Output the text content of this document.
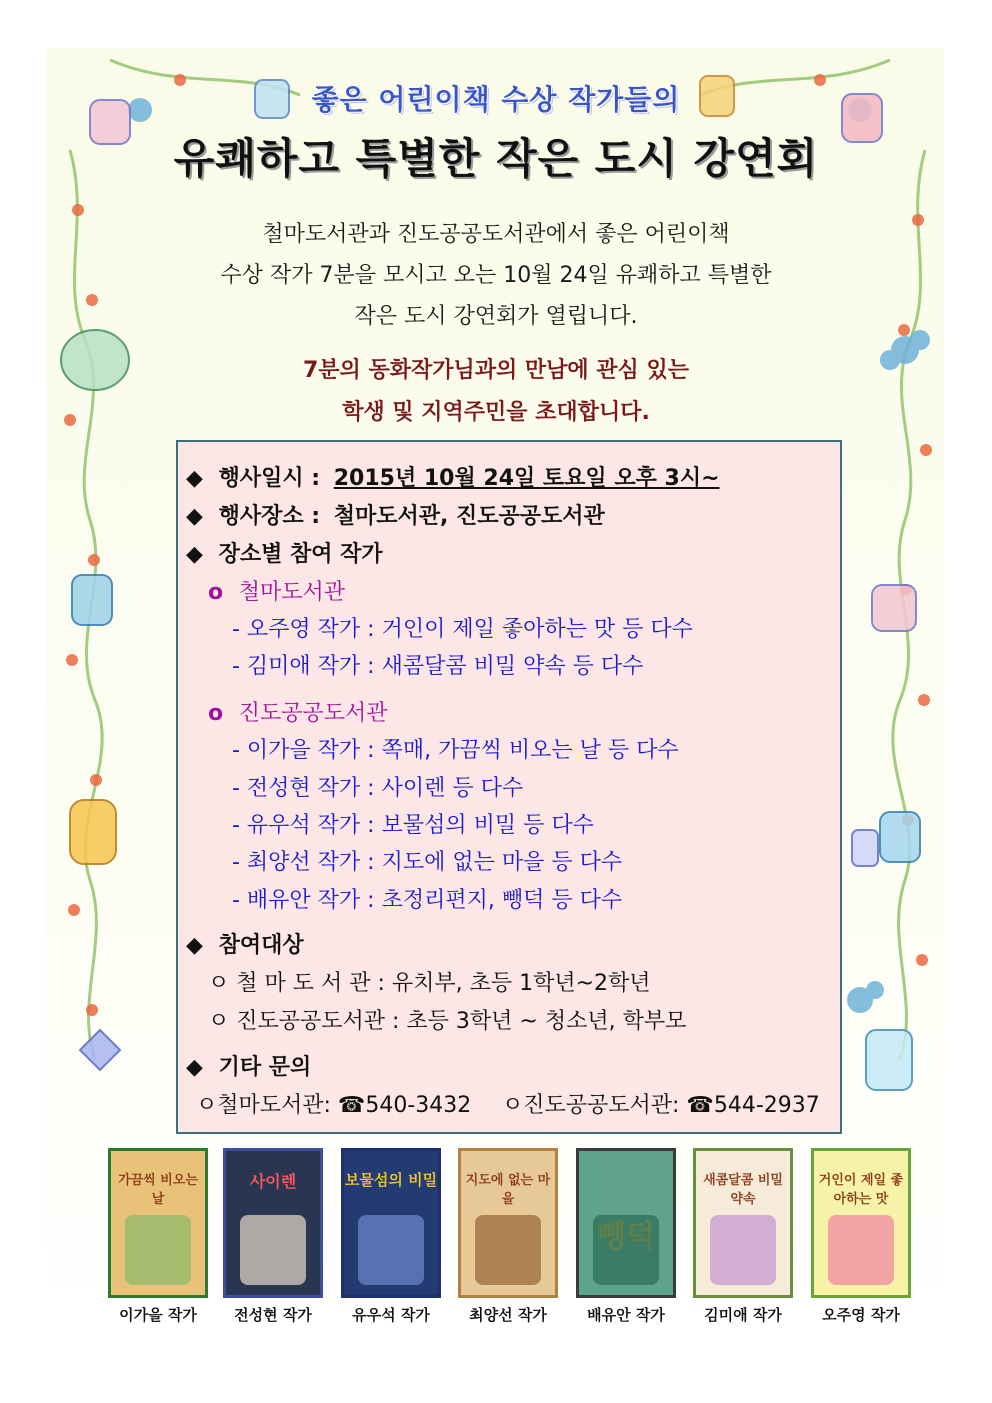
좋은 어린이책 수상 작가들의
유쾌하고 특별한 작은 도시 강연회
철마도서관과 진도공공도서관에서 좋은 어린이책
수상 작가 7분을 모시고 오는 10월 24일 유쾌하고 특별한
작은 도시 강연회가 열립니다.
7분의 동화작가님과의 만남에 관심 있는
학생 및 지역주민을 초대합니다.
◆ 행사일시 : 2015년 10월 24일 토요일 오후 3시~
◆ 행사장소 : 철마도서관, 진도공공도서관
◆ 장소별 참여 작가
o 철마도서관
- 오주영 작가 : 거인이 제일 좋아하는 맛 등 다수
- 김미애 작가 : 새콤달콤 비밀 약속 등 다수
o 진도공공도서관
- 이가을 작가 : 쪽매, 가끔씩 비오는 날 등 다수
- 전성현 작가 : 사이렌 등 다수
- 유우석 작가 : 보물섬의 비밀 등 다수
- 최양선 작가 : 지도에 없는 마을 등 다수
- 배유안 작가 : 초정리편지, 뺑덕 등 다수
◆ 참여대상
ㅇ 철 마 도 서 관 : 유치부, 초등 1학년~2학년
ㅇ 진도공공도서관 : 초등 3학년 ~ 청소년, 학부모
◆ 기타 문의
ㅇ철마도서관: ☎540-3432 ㅇ진도공공도서관: ☎544-2937
가끔씩 비오는 날
이가을 작가
사이렌
전성현 작가
보물섬의 비밀
유우석 작가
지도에 없는 마을
최양선 작가	배유안 작가
새콤달콤 비밀 약속
김미애 작가
거인이 제일 좋아하는 맛
오주영 작가
